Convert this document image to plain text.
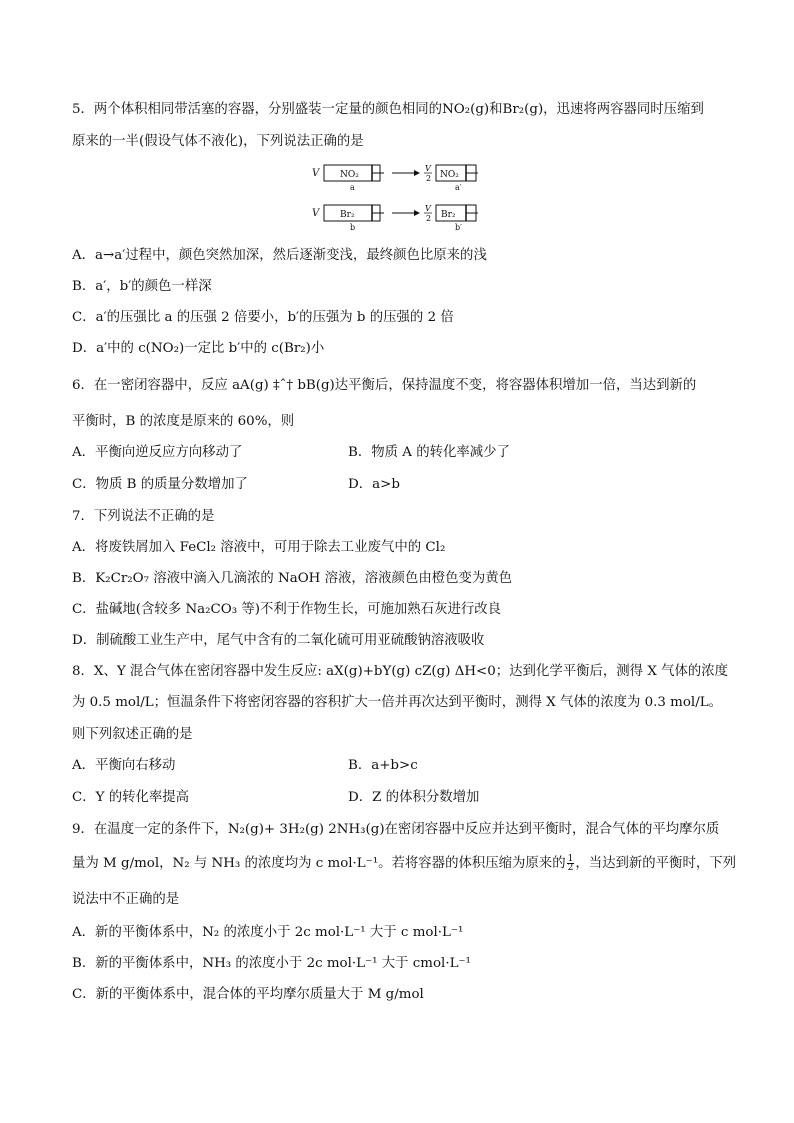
5．两个体积相同带活塞的容器，分别盛装一定量的颜色相同的NO₂(g)和Br₂(g)，迅速将两容器同时压缩到
原来的一半(假设气体不液化)，下列说法正确的是
V NO₂
a
V
2 NO₂
a′
V Br₂
b
V
2 Br₂
b′
A．a→a′过程中，颜色突然加深，然后逐渐变浅，最终颜色比原来的浅
B．a′，b′的颜色一样深
C．a′的压强比 a 的压强 2 倍要小，b′的压强为 b 的压强的 2 倍
D．a′中的 c(NO₂)一定比 b′中的 c(Br₂)小
6．在一密闭容器中，反应 aA(g) ‡ˆ† bB(g)达平衡后，保持温度不变，将容器体积增加一倍，当达到新的
平衡时，B 的浓度是原来的 60%，则
A．平衡向逆反应方向移动了	B．物质 A 的转化率减少了
C．物质 B 的质量分数增加了	D．a>b
7．下列说法不正确的是
A．将废铁屑加入 FeCl₂ 溶液中，可用于除去工业废气中的 Cl₂
B．K₂Cr₂O₇ 溶液中滴入几滴浓的 NaOH 溶液，溶液颜色由橙色变为黄色
C．盐碱地(含较多 Na₂CO₃ 等)不利于作物生长，可施加熟石灰进行改良
D．制硫酸工业生产中，尾气中含有的二氧化硫可用亚硫酸钠溶液吸收
8．X、Y 混合气体在密闭容器中发生反应: aX(g)+bY(g) cZ(g) ΔH<0；达到化学平衡后，测得 X 气体的浓度
为 0.5 mol/L；恒温条件下将密闭容器的容积扩大一倍并再次达到平衡时，测得 X 气体的浓度为 0.3 mol/L。
则下列叙述正确的是
A．平衡向右移动	B．a+b>c
C．Y 的转化率提高	D．Z 的体积分数增加
9．在温度一定的条件下，N₂(g)+ 3H₂(g) 2NH₃(g)在密闭容器中反应并达到平衡时，混合气体的平均摩尔质
量为 M g/mol，N₂ 与 NH₃ 的浓度均为 c mol·L⁻¹。若将容器的体积压缩为原来的 $\frac{1}{2}$ ，当达到新的平衡时，下列
说法中不正确的是
A．新的平衡体系中，N₂ 的浓度小于 2c mol·L⁻¹ 大于 c mol·L⁻¹
B．新的平衡体系中，NH₃ 的浓度小于 2c mol·L⁻¹ 大于 cmol·L⁻¹
C．新的平衡体系中，混合体的平均摩尔质量大于 M g/mol
